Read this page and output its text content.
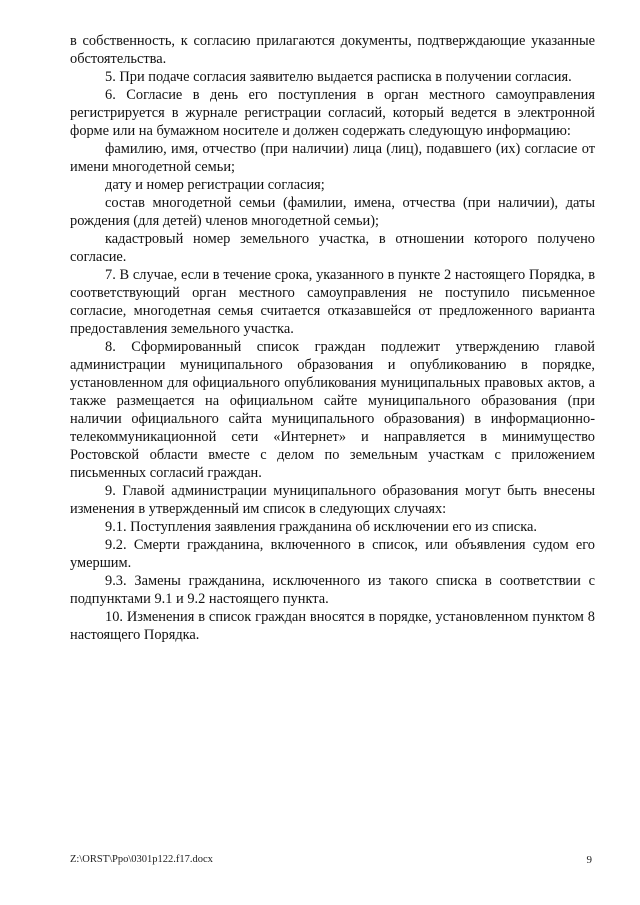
в собственность, к согласию прилагаются документы, подтверждающие указанные обстоятельства.

5. При подаче согласия заявителю выдается расписка в получении согласия.

6. Согласие в день его поступления в орган местного самоуправления регистрируется в журнале регистрации согласий, который ведется в электронной форме или на бумажном носителе и должен содержать следующую информацию:

фамилию, имя, отчество (при наличии) лица (лиц), подавшего (их) согласие от имени многодетной семьи;

дату и номер регистрации согласия;

состав многодетной семьи (фамилии, имена, отчества (при наличии), даты рождения (для детей) членов многодетной семьи);

кадастровый номер земельного участка, в отношении которого получено согласие.

7. В случае, если в течение срока, указанного в пункте 2 настоящего Порядка, в соответствующий орган местного самоуправления не поступило письменное согласие, многодетная семья считается отказавшейся от предложенного варианта предоставления земельного участка.

8. Сформированный список граждан подлежит утверждению главой администрации муниципального образования и опубликованию в порядке, установленном для официального опубликования муниципальных правовых актов, а также размещается на официальном сайте муниципального образования (при наличии официального сайта муниципального образования) в информационно-телекоммуникационной сети «Интернет» и направляется в минимущество Ростовской области вместе с делом по земельным участкам с приложением письменных согласий граждан.

9. Главой администрации муниципального образования могут быть внесены изменения в утвержденный им список в следующих случаях:

9.1. Поступления заявления гражданина об исключении его из списка.

9.2. Смерти гражданина, включенного в список, или объявления судом его умершим.

9.3. Замены гражданина, исключенного из такого списка в соответствии с подпунктами 9.1 и 9.2 настоящего пункта.

10. Изменения в список граждан вносятся в порядке, установленном пунктом 8 настоящего Порядка.

Z:\ORST\Ppo\0301p122.f17.docx	9
